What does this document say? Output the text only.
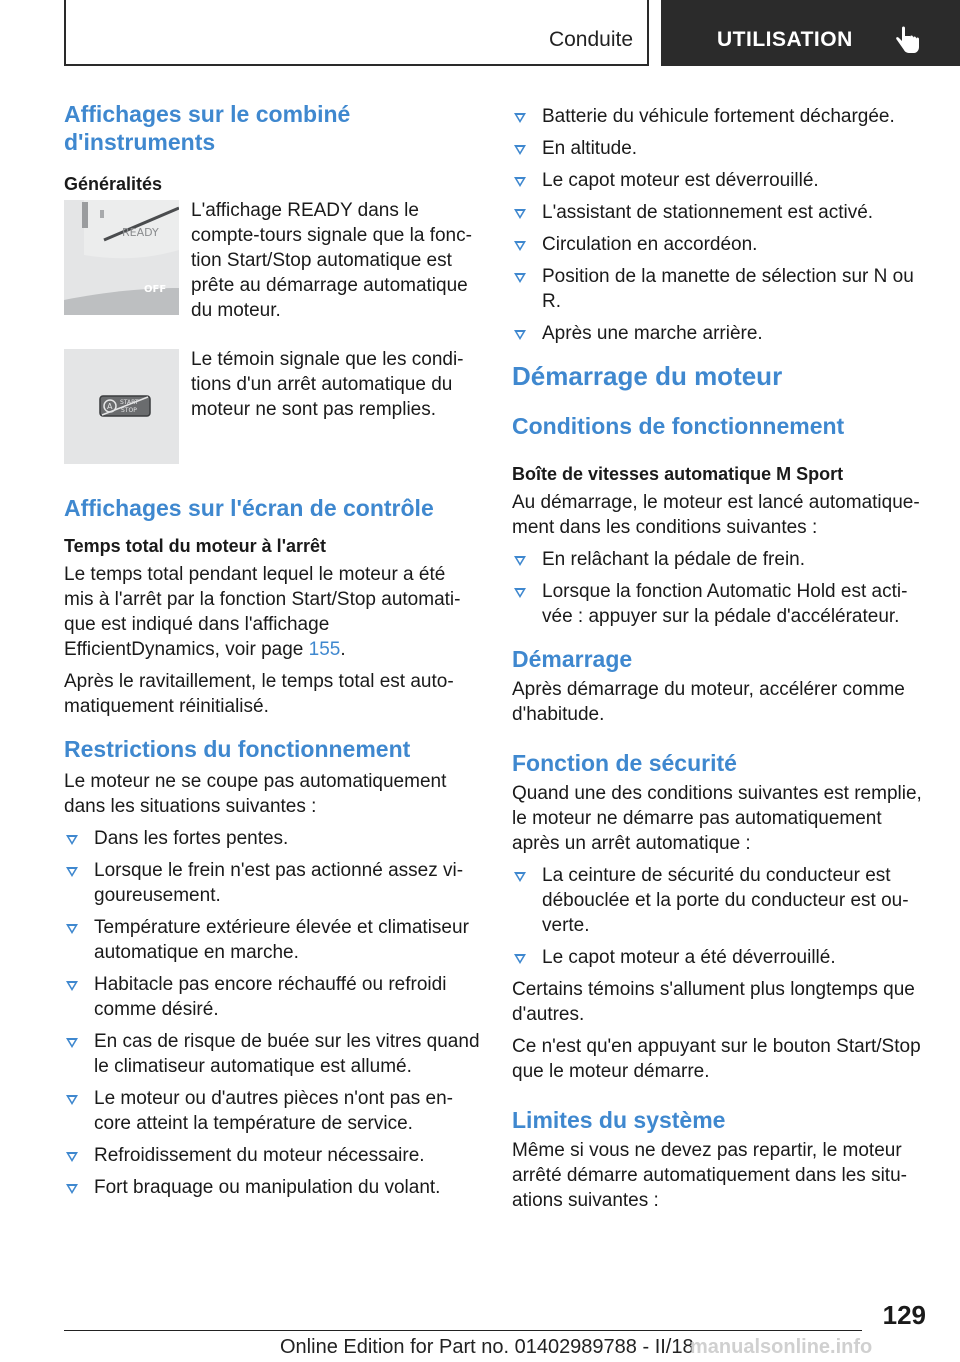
Conduite	UTILISATION
Affichages sur le combiné d'instruments
Généralités
READY
OFF

L'affichage READY dans le compte-tours signale que la fonc-tion Start/Stop automatique est prête au démarrage automatique du moteur.

A START
STOP

Le témoin signale que les condi-tions d'un arrêt automatique du moteur ne sont pas remplies.

Affichages sur l'écran de contrôle
Temps total du moteur à l'arrêt

Le temps total pendant lequel le moteur a été mis à l'arrêt par la fonction Start/Stop automati-que est indiqué dans l'affichage EfficientDynamics, voir page 155.

Après le ravitaillement, le temps total est auto-matiquement réinitialisé.

Restrictions du fonctionnement

Le moteur ne se coupe pas automatiquement dans les situations suivantes :

Dans les fortes pentes.
Lorsque le frein n'est pas actionné assez vi-goureusement.
Température extérieure élevée et climatiseur automatique en marche.
Habitacle pas encore réchauffé ou refroidi comme désiré.
En cas de risque de buée sur les vitres quand le climatiseur automatique est allumé.
Le moteur ou d'autres pièces n'ont pas en-core atteint la température de service.
Refroidissement du moteur nécessaire.
Fort braquage ou manipulation du volant.
Batterie du véhicule fortement déchargée.
En altitude.
Le capot moteur est déverrouillé.
L'assistant de stationnement est activé.
Circulation en accordéon.
Position de la manette de sélection sur N ou R.
Après une marche arrière.
Démarrage du moteur
Conditions de fonctionnement
Boîte de vitesses automatique M Sport

Au démarrage, le moteur est lancé automatique-ment dans les conditions suivantes :

En relâchant la pédale de frein.
Lorsque la fonction Automatic Hold est acti-vée : appuyer sur la pédale d'accélérateur.
Démarrage

Après démarrage du moteur, accélérer comme d'habitude.

Fonction de sécurité

Quand une des conditions suivantes est remplie, le moteur ne démarre pas automatiquement après un arrêt automatique :

La ceinture de sécurité du conducteur est débouclée et la porte du conducteur est ou-verte.
Le capot moteur a été déverrouillé.

Certains témoins s'allument plus longtemps que d'autres.

Ce n'est qu'en appuyant sur le bouton Start/Stop que le moteur démarre.

Limites du système

Même si vous ne devez pas repartir, le moteur arrêté démarre automatiquement dans les situ-ations suivantes :

129
Online Edition for Part no. 01402989788 - II/18
manualsonline.info
